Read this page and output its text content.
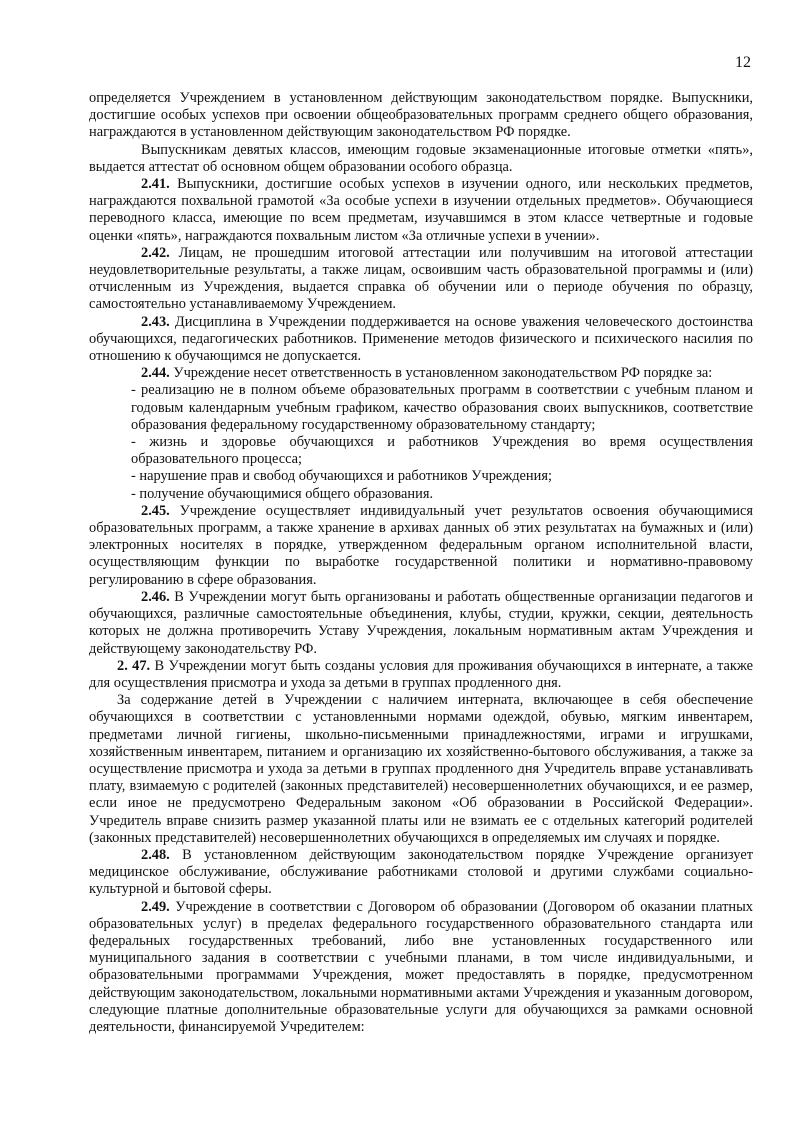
12

определяется Учреждением в установленном действующим законодательством порядке. Выпускники, достигшие особых успехов при освоении общеобразовательных программ среднего общего образования, награждаются в установленном действующим законодательством РФ порядке.

Выпускникам девятых классов, имеющим годовые экзаменационные итоговые отметки «пять», выдается аттестат об основном общем образовании особого образца.

2.41. Выпускники, достигшие особых успехов в изучении одного, или нескольких предметов, награждаются похвальной грамотой «За особые успехи в изучении отдельных предметов». Обучающиеся переводного класса, имеющие по всем предметам, изучавшимся в этом классе четвертные и годовые оценки «пять», награждаются похвальным листом «За отличные успехи в учении».

2.42. Лицам, не прошедшим итоговой аттестации или получившим на итоговой аттестации неудовлетворительные результаты, а также лицам, освоившим часть образовательной программы и (или) отчисленным из Учреждения, выдается справка об обучении или о периоде обучения по образцу, самостоятельно устанавливаемому Учреждением.

2.43. Дисциплина в Учреждении поддерживается на основе уважения человеческого достоинства обучающихся, педагогических работников. Применение методов физического и психического насилия по отношению к обучающимся не допускается.

2.44. Учреждение несет ответственность в установленном законодательством РФ порядке за:

- реализацию не в полном объеме образовательных программ в соответствии с учебным планом и годовым календарным учебным графиком, качество образования своих выпускников, соответствие образования федеральному государственному образовательному стандарту;

- жизнь и здоровье обучающихся и работников Учреждения во время осуществления образовательного процесса;

- нарушение прав и свобод обучающихся и работников Учреждения;

- получение обучающимися общего образования.

2.45. Учреждение осуществляет индивидуальный учет результатов освоения обучающимися образовательных программ, а также хранение в архивах данных об этих результатах на бумажных и (или) электронных носителях в порядке, утвержденном федеральным органом исполнительной власти, осуществляющим функции по выработке государственной политики и нормативно-правовому регулированию в сфере образования.

2.46. В Учреждении могут быть организованы и работать общественные организации педагогов и обучающихся, различные самостоятельные объединения, клубы, студии, кружки, секции, деятельность которых не должна противоречить Уставу Учреждения, локальным нормативным актам Учреждения и действующему законодательству РФ.

2. 47. В Учреждении могут быть созданы условия для проживания обучающихся в интернате, а также для осуществления присмотра и ухода за детьми в группах продленного дня.

За содержание детей в Учреждении с наличием интерната, включающее в себя обеспечение обучающихся в соответствии с установленными нормами одеждой, обувью, мягким инвентарем, предметами личной гигиены, школьно-письменными принадлежностями, играми и игрушками, хозяйственным инвентарем, питанием и организацию их хозяйственно-бытового обслуживания, а также за осуществление присмотра и ухода за детьми в группах продленного дня Учредитель вправе устанавливать плату, взимаемую с родителей (законных представителей) несовершеннолетних обучающихся, и ее размер, если иное не предусмотрено Федеральным законом «Об образовании в Российской Федерации». Учредитель вправе снизить размер указанной платы или не взимать ее с отдельных категорий родителей (законных представителей) несовершеннолетних обучающихся в определяемых им случаях и порядке.

2.48. В установленном действующим законодательством порядке Учреждение организует медицинское обслуживание, обслуживание работниками столовой и другими службами социально-культурной и бытовой сферы.

2.49. Учреждение в соответствии с Договором об образовании (Договором об оказании платных образовательных услуг) в пределах федерального государственного образовательного стандарта или федеральных государственных требований, либо вне установленных государственного или муниципального задания в соответствии с учебными планами, в том числе индивидуальными, и образовательными программами Учреждения, может предоставлять в порядке, предусмотренном действующим законодательством, локальными нормативными актами Учреждения и указанным договором, следующие платные дополнительные образовательные услуги для обучающихся за рамками основной деятельности, финансируемой Учредителем:
